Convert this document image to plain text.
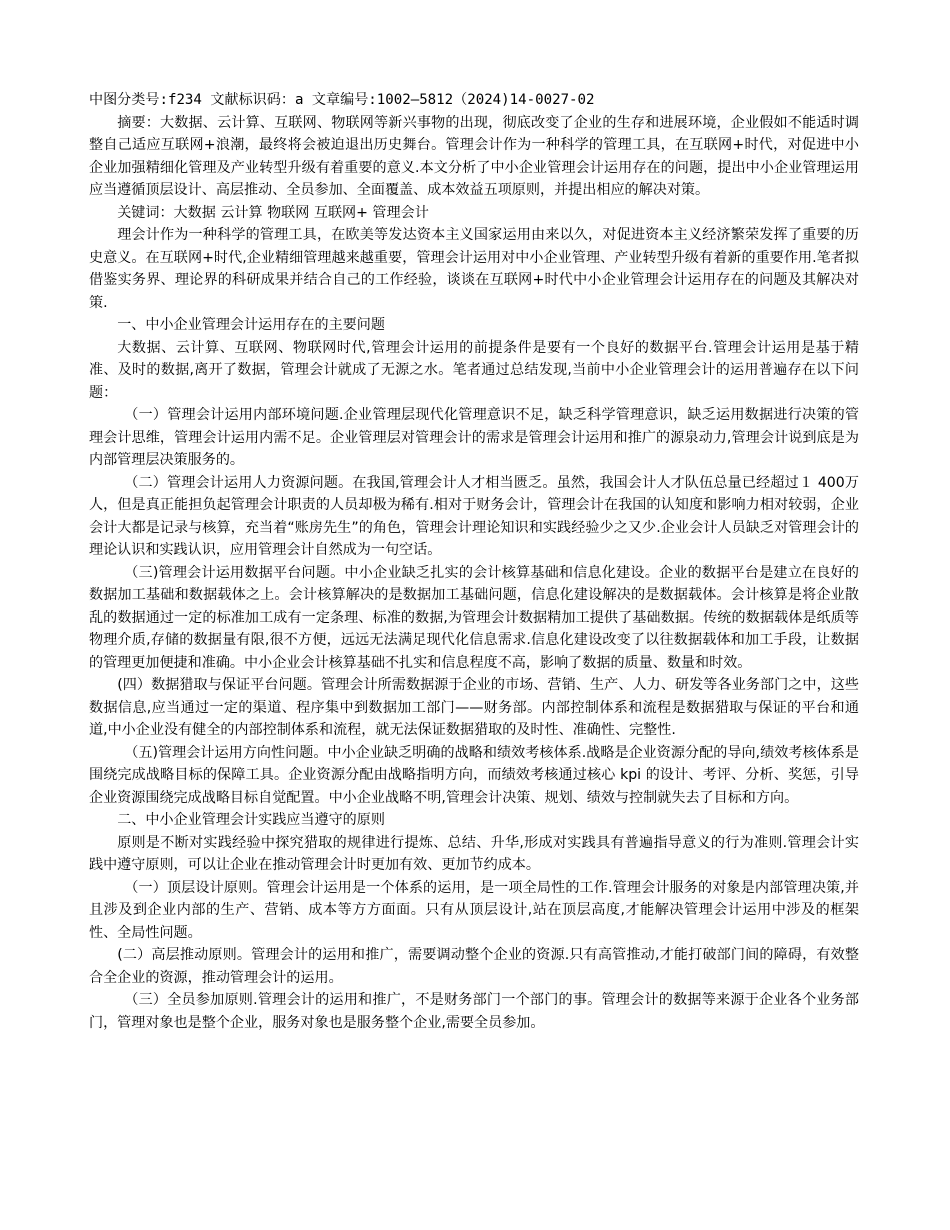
中图分类号:f234 文献标识码：a 文章编号:1002—5812（2024)14-0027-02

摘要：大数据、云计算、互联网、物联网等新兴事物的出现，彻底改变了企业的生存和进展环境，企业假如不能适时调整自己适应互联网+浪潮，最终将会被迫退出历史舞台。管理会计作为一种科学的管理工具，在互联网+时代，对促进中小企业加强精细化管理及产业转型升级有着重要的意义.本文分析了中小企业管理会计运用存在的问题，提出中小企业管理运用应当遵循顶层设计、高层推动、全员参加、全面覆盖、成本效益五项原则，并提出相应的解决对策。

关键词：大数据 云计算 物联网 互联网+ 管理会计

理会计作为一种科学的管理工具，在欧美等发达资本主义国家运用由来以久，对促进资本主义经济繁荣发挥了重要的历史意义。在互联网+时代,企业精细管理越来越重要，管理会计运用对中小企业管理、产业转型升级有着新的重要作用.笔者拟借鉴实务界、理论界的科研成果并结合自己的工作经验，谈谈在互联网+时代中小企业管理会计运用存在的问题及其解决对策.

一、中小企业管理会计运用存在的主要问题

大数据、云计算、互联网、物联网时代,管理会计运用的前提条件是要有一个良好的数据平台.管理会计运用是基于精准、及时的数据,离开了数据，管理会计就成了无源之水。笔者通过总结发现,当前中小企业管理会计的运用普遍存在以下问题：

（一）管理会计运用内部环境问题.企业管理层现代化管理意识不足，缺乏科学管理意识，缺乏运用数据进行决策的管理会计思维，管理会计运用内需不足。企业管理层对管理会计的需求是管理会计运用和推广的源泉动力,管理会计说到底是为内部管理层决策服务的。

（二）管理会计运用人力资源问题。在我国,管理会计人才相当匮乏。虽然，我国会计人才队伍总量已经超过１ 400万人，但是真正能担负起管理会计职责的人员却极为稀有.相对于财务会计，管理会计在我国的认知度和影响力相对较弱，企业会计大都是记录与核算，充当着“账房先生”的角色，管理会计理论知识和实践经验少之又少.企业会计人员缺乏对管理会计的理论认识和实践认识，应用管理会计自然成为一句空话。

（三)管理会计运用数据平台问题。中小企业缺乏扎实的会计核算基础和信息化建设。企业的数据平台是建立在良好的数据加工基础和数据载体之上。会计核算解决的是数据加工基础问题，信息化建设解决的是数据载体。会计核算是将企业散乱的数据通过一定的标准加工成有一定条理、标准的数据,为管理会计数据精加工提供了基础数据。传统的数据载体是纸质等物理介质,存储的数据量有限,很不方便，远远无法满足现代化信息需求.信息化建设改变了以往数据载体和加工手段，让数据的管理更加便捷和准确。中小企业会计核算基础不扎实和信息程度不高，影响了数据的质量、数量和时效。

(四）数据猎取与保证平台问题。管理会计所需数据源于企业的市场、营销、生产、人力、研发等各业务部门之中，这些数据信息,应当通过一定的渠道、程序集中到数据加工部门——财务部。内部控制体系和流程是数据猎取与保证的平台和通道,中小企业没有健全的内部控制体系和流程，就无法保证数据猎取的及时性、准确性、完整性.

（五)管理会计运用方向性问题。中小企业缺乏明确的战略和绩效考核体系.战略是企业资源分配的导向,绩效考核体系是围绕完成战略目标的保障工具。企业资源分配由战略指明方向，而绩效考核通过核心 kpi 的设计、考评、分析、奖惩，引导企业资源围绕完成战略目标自觉配置。中小企业战略不明,管理会计决策、规划、绩效与控制就失去了目标和方向。

二、中小企业管理会计实践应当遵守的原则

原则是不断对实践经验中探究猎取的规律进行提炼、总结、升华,形成对实践具有普遍指导意义的行为准则.管理会计实践中遵守原则，可以让企业在推动管理会计时更加有效、更加节约成本。

（一）顶层设计原则。管理会计运用是一个体系的运用，是一项全局性的工作.管理会计服务的对象是内部管理决策,并且涉及到企业内部的生产、营销、成本等方方面面。只有从顶层设计,站在顶层高度,才能解决管理会计运用中涉及的框架性、全局性问题。

(二）高层推动原则。管理会计的运用和推广，需要调动整个企业的资源.只有高管推动,才能打破部门间的障碍，有效整合全企业的资源，推动管理会计的运用。

（三）全员参加原则.管理会计的运用和推广，不是财务部门一个部门的事。管理会计的数据等来源于企业各个业务部门，管理对象也是整个企业，服务对象也是服务整个企业,需要全员参加。
